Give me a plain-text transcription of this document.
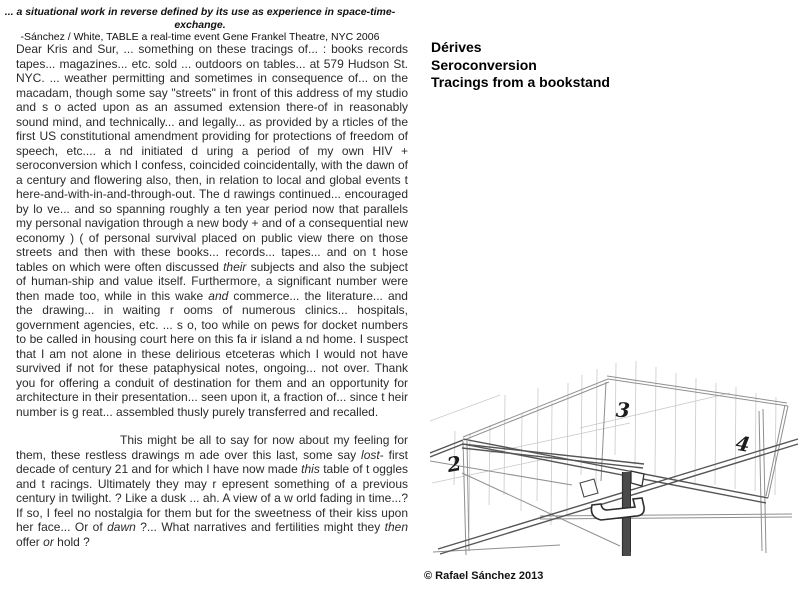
... a situational work in reverse defined by its use as experience in space-time-exchange.
-Sánchez / White, TABLE a real-time event Gene Frankel Theatre, NYC 2006
Dérives
Seroconversion
Tracings from a bookstand

Dear Kris and Sur, ... something on these tracings of... : books records tapes... magazines... etc. sold ... outdoors on tables... at 579 Hudson St. NYC. ... weather permitting and sometimes in consequence of... on the macadam, though some say "streets" in front of this address of my studio and s o acted upon as an assumed extension there-of in reasonably sound mind, and technically... and legally... as provided by a rticles of the first US constitutional amendment providing for protections of freedom of speech, etc.... a nd initiated d uring a period of my own HIV + seroconversion which I confess, coincided coincidentally, with the dawn of a century and flowering also, then, in relation to local and global events t here-and-with-in-and-through-out. The d rawings continued... encouraged by lo ve... and so spanning roughly a ten year period now that parallels my personal navigation through a new body + and of a consequential new economy ) ( of personal survival placed on public view there on those streets and then with these books... records... tapes... and on t hose tables on which were often discussed their subjects and also the subject of human-ship and value itself. Furthermore, a significant number were then made too, while in this wake and commerce... the literature... and the drawing... in waiting r ooms of numerous clinics... hospitals, government agencies, etc. ... s o, too while on pews for docket numbers to be called in housing court here on this fa ir island a nd home. I suspect that I am not alone in these delirious etceteras which I would not have survived if not for these pataphysical notes, ongoing... not over. Thank you for offering a conduit of destination for them and an opportunity for architecture in their presentation... seen upon it, a fraction of... since t heir number is g reat... assembled thusly purely transferred and recalled.

This might be all to say for now about my feeling for them, these restless drawings m ade over this last, some say lost- first decade of century 21 and for which I have now made this table of t oggles and t racings. Ultimately they may r epresent something of a previous century in twilight. ? Like a dusk ... ah. A view of a w orld fading in time...? If so, I feel no nostalgia for them but for the sweetness of their kiss upon her face... Or of dawn ?... What narratives and fertilities might they then offer or hold ?

2
3
4
© Rafael Sánchez 2013
